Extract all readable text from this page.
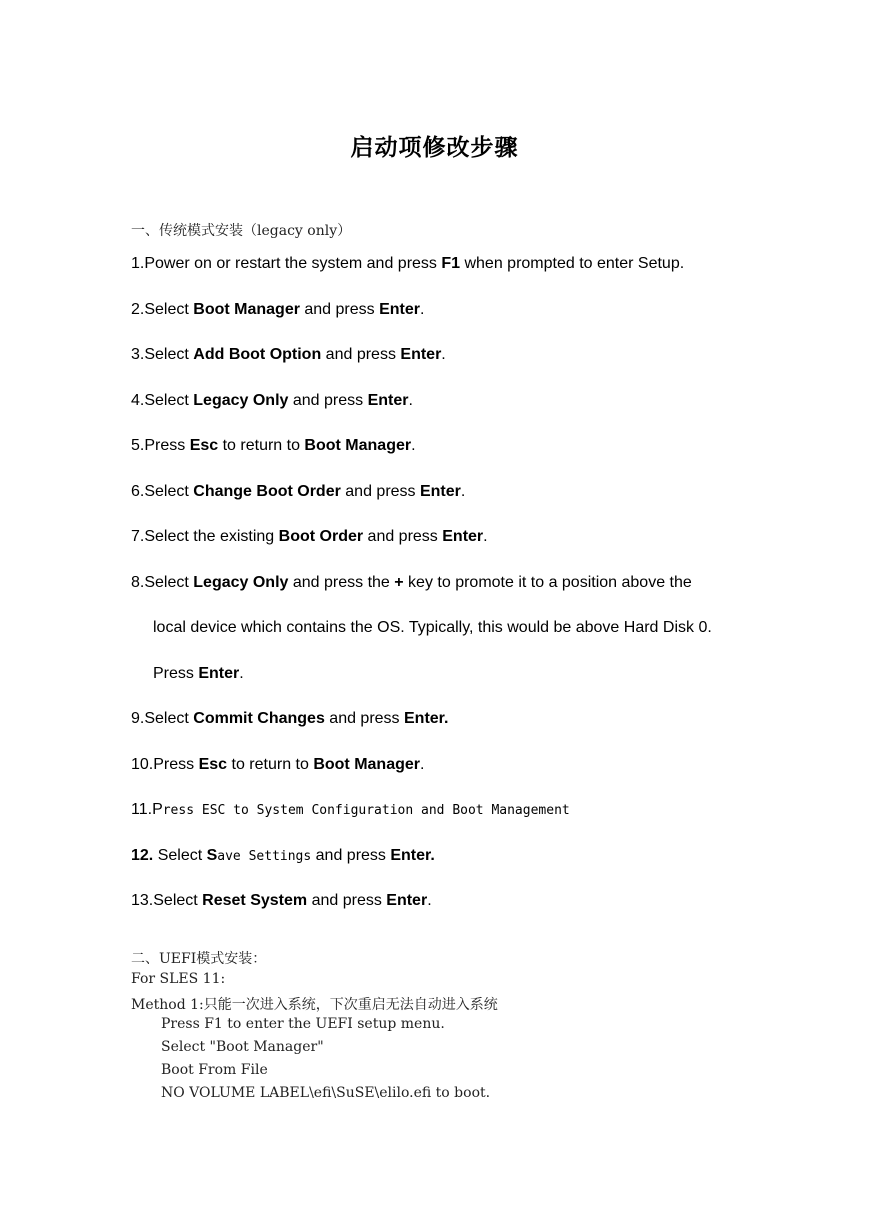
启动项修改步骤
一、传统模式安装（legacy only）
1.Power on or restart the system and press F1 when prompted to enter Setup.
2.Select Boot Manager and press Enter.
3.Select Add Boot Option and press Enter.
4.Select Legacy Only and press Enter.
5.Press Esc to return to Boot Manager.
6.Select Change Boot Order and press Enter.
7.Select the existing Boot Order and press Enter.
8.Select Legacy Only and press the + key to promote it to a position above the
local device which contains the OS. Typically, this would be above Hard Disk 0.
Press Enter.
9.Select Commit Changes and press Enter.
10.Press Esc to return to Boot Manager.
11.Press ESC to System Configuration and Boot Management
12. Select Save Settings and press Enter.
13.Select Reset System and press Enter.
二、UEFI模式安装：
For SLES 11:
Method 1:只能一次进入系统，下次重启无法自动进入系统
Press F1 to enter the UEFI setup menu.
Select "Boot Manager"
Boot From File
NO VOLUME LABEL\efi\SuSE\elilo.efi to boot.
